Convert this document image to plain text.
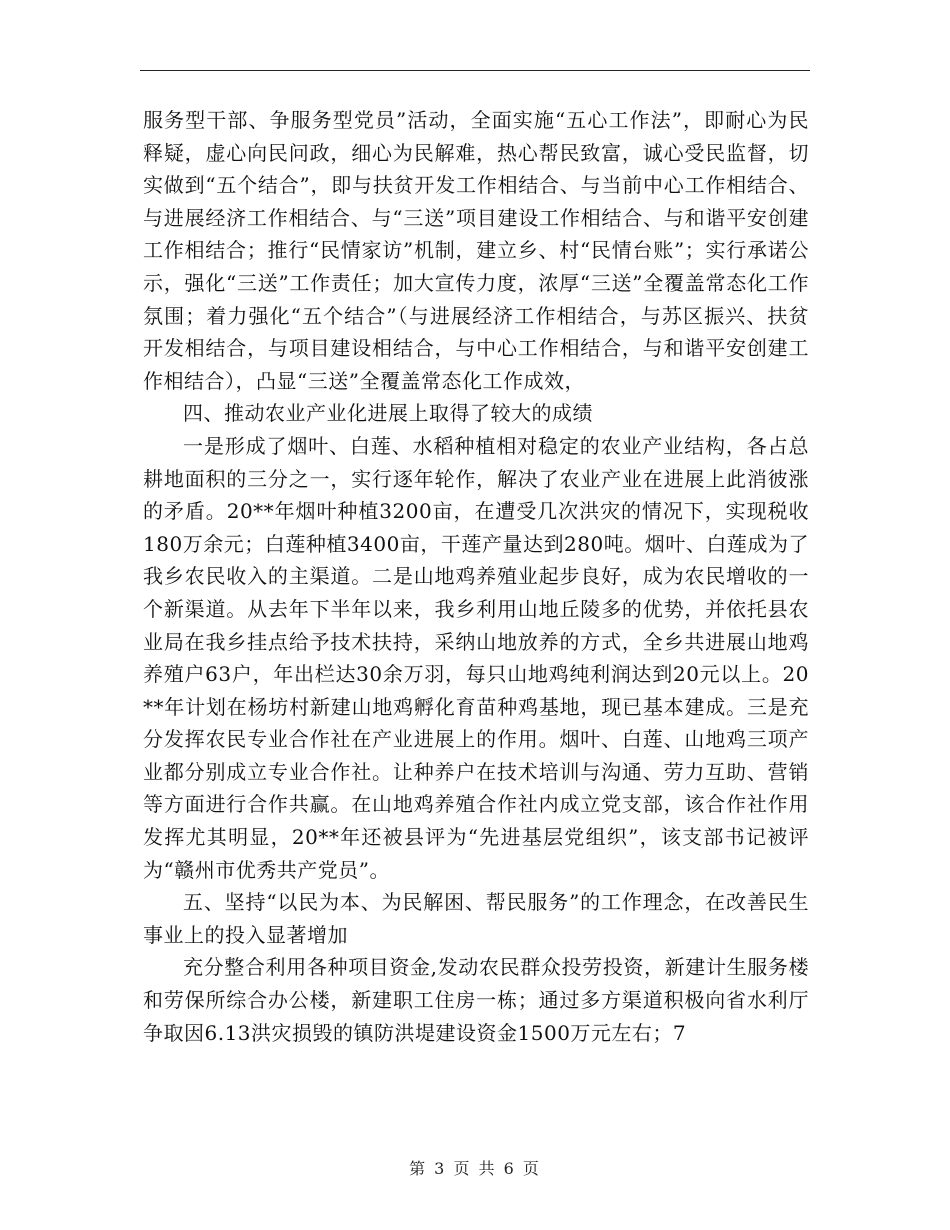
服务型干部、争服务型党员”活动，全面实施“五心工作法”，即耐心为民释疑，虚心向民问政，细心为民解难，热心帮民致富，诚心受民监督，切实做到“五个结合”，即与扶贫开发工作相结合、与当前中心工作相结合、与进展经济工作相结合、与“三送”项目建设工作相结合、与和谐平安创建工作相结合；推行“民情家访”机制，建立乡、村“民情台账”；实行承诺公示，强化“三送”工作责任；加大宣传力度，浓厚“三送”全覆盖常态化工作氛围；着力强化“五个结合”（与进展经济工作相结合，与苏区振兴、扶贫开发相结合，与项目建设相结合，与中心工作相结合，与和谐平安创建工作相结合），凸显“三送”全覆盖常态化工作成效，

四、推动农业产业化进展上取得了较大的成绩

一是形成了烟叶、白莲、水稻种植相对稳定的农业产业结构，各占总耕地面积的三分之一，实行逐年轮作，解决了农业产业在进展上此消彼涨的矛盾。20**年烟叶种植3200亩，在遭受几次洪灾的情况下，实现税收180万余元；白莲种植3400亩，干莲产量达到280吨。烟叶、白莲成为了我乡农民收入的主渠道。二是山地鸡养殖业起步良好，成为农民增收的一个新渠道。从去年下半年以来，我乡利用山地丘陵多的优势，并依托县农业局在我乡挂点给予技术扶持，采纳山地放养的方式，全乡共进展山地鸡养殖户63户，年出栏达30余万羽，每只山地鸡纯利润达到20元以上。20**年计划在杨坊村新建山地鸡孵化育苗种鸡基地，现已基本建成。三是充分发挥农民专业合作社在产业进展上的作用。烟叶、白莲、山地鸡三项产业都分别成立专业合作社。让种养户在技术培训与沟通、劳力互助、营销等方面进行合作共赢。在山地鸡养殖合作社内成立党支部，该合作社作用发挥尤其明显，20**年还被县评为“先进基层党组织”，该支部书记被评为“赣州市优秀共产党员”。

五、坚持“以民为本、为民解困、帮民服务”的工作理念，在改善民生事业上的投入显著增加

充分整合利用各种项目资金,发动农民群众投劳投资，新建计生服务楼和劳保所综合办公楼，新建职工住房一栋；通过多方渠道积极向省水利厅争取因6.13洪灾损毁的镇防洪堤建设资金1500万元左右；7

第 3 页 共 6 页
